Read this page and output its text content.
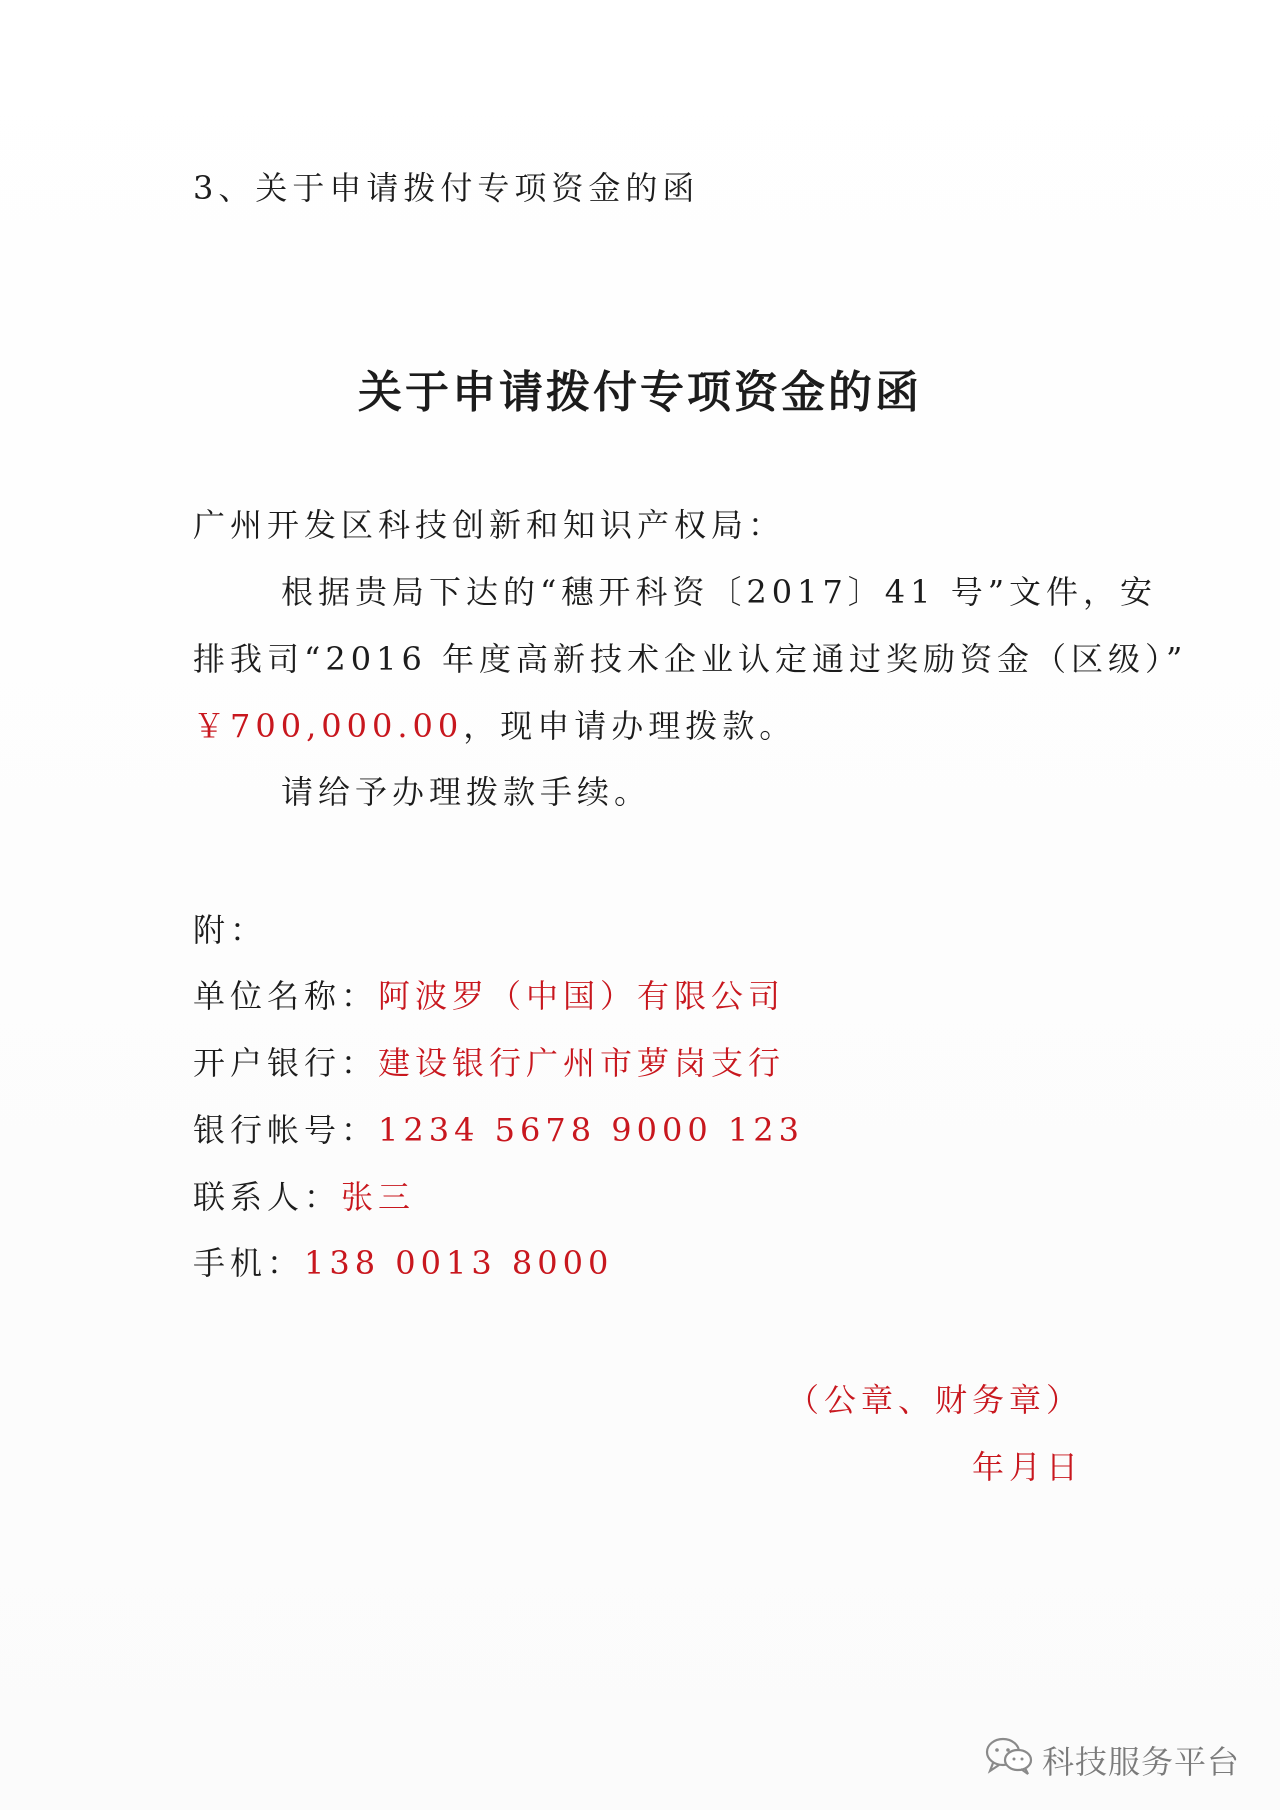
3、关于申请拨付专项资金的函
关于申请拨付专项资金的函
广州开发区科技创新和知识产权局：
根据贵局下达的“穗开科资〔2017〕41 号”文件，安
排我司“2016 年度高新技术企业认定通过奖励资金（区级）”
￥700,000.00，现申请办理拨款。
请给予办理拨款手续。
附：
单位名称：阿波罗（中国）有限公司
开户银行：建设银行广州市萝岗支行
银行帐号：1234 5678 9000 123
联系人：张三
手机：138 0013 8000
（公章、财务章）
年月日
科技服务平台
